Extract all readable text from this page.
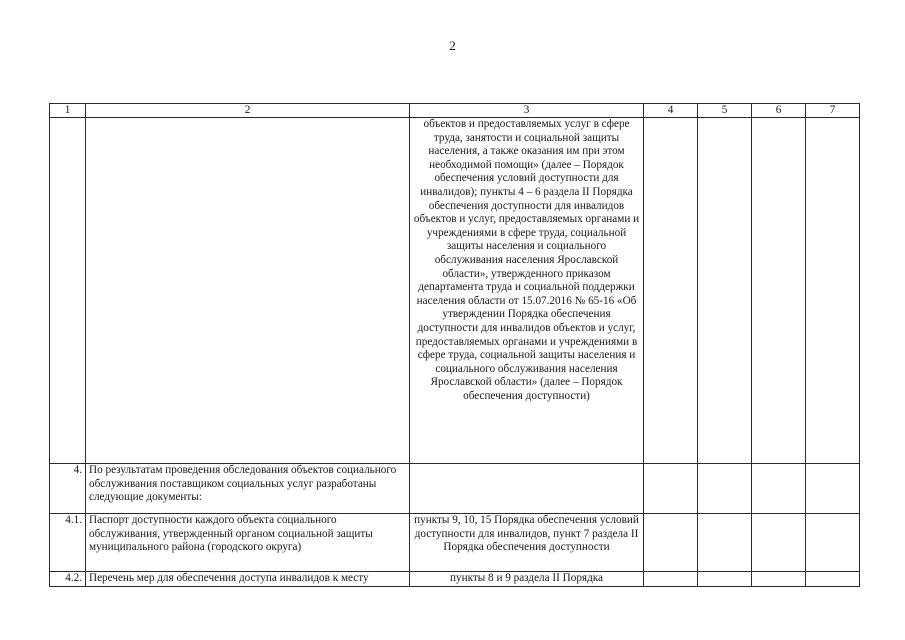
2
1	2	3	4	5	6	7
		объектов и предоставляемых услуг в сфере труда, занятости и социальной защиты населения, а также оказания им при этом необходимой помощи» (далее – Порядок обеспечения условий доступности для инвалидов); пункты 4 – 6 раздела II Порядка обеспечения доступности для инвалидов объектов и услуг, предоставляемых органами и учреждениями в сфере труда, социальной защиты населения и социального обслуживания населения Ярославской области», утвержденного приказом департамента труда и социальной поддержки населения области от 15.07.2016 № 65-16 «Об утверждении Порядка обеспечения доступности для инвалидов объектов и услуг, предоставляемых органами и учреждениями в сфере труда, социальной защиты населения и социального обслуживания населения Ярославской области» (далее – Порядок обеспечения доступности)				
4.	По результатам проведения обследования объектов социального обслуживания поставщиком социальных услуг разработаны следующие документы:					
4.1.	Паспорт доступности каждого объекта социального обслуживания, утвержденный органом социальной защиты муниципального района (городского округа)	пункты 9, 10, 15 Порядка обеспечения условий доступности для инвалидов, пункт 7 раздела II Порядка обеспечения доступности				
4.2.	Перечень мер для обеспечения доступа инвалидов к месту	пункты 8 и 9 раздела II Порядка				
